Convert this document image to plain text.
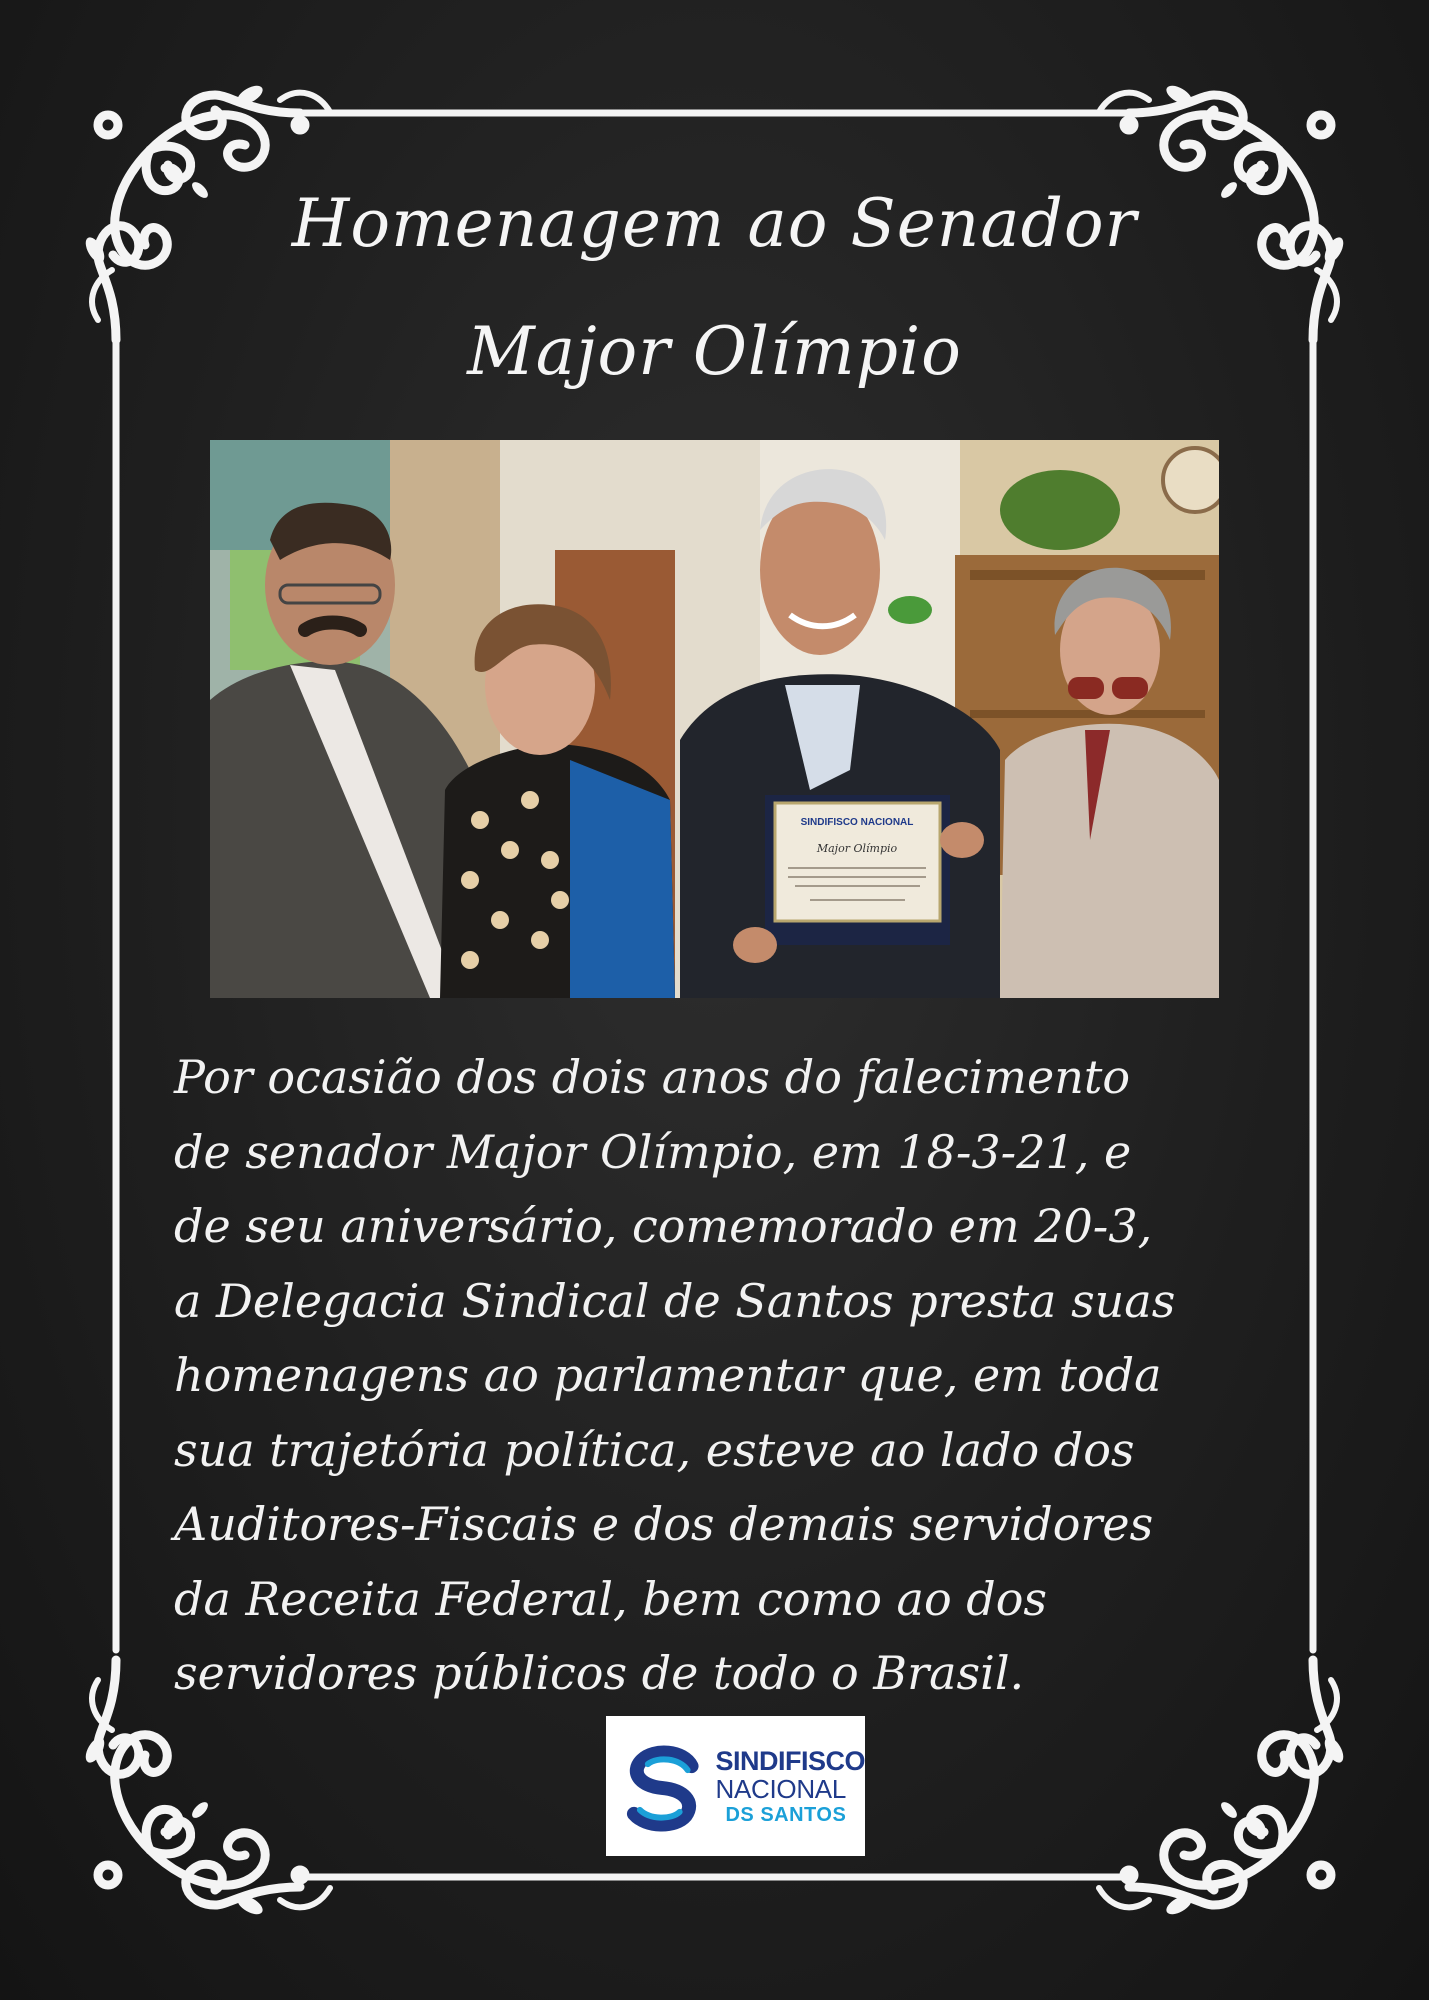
Homenagem ao Senador
Major Olímpio
SINDIFISCO NACIONAL
Major Olímpio
Por ocasião dos dois anos do falecimento
de senador Major Olímpio, em 18-3-21, e
de seu aniversário, comemorado em 20-3,
a Delegacia Sindical de Santos presta suas
homenagens ao parlamentar que, em toda
sua trajetória política, esteve ao lado dos
Auditores-Fiscais e dos demais servidores
da Receita Federal, bem como ao dos
servidores públicos de todo o Brasil.
SINDIFISCO
NACIONAL
DS SANTOS
